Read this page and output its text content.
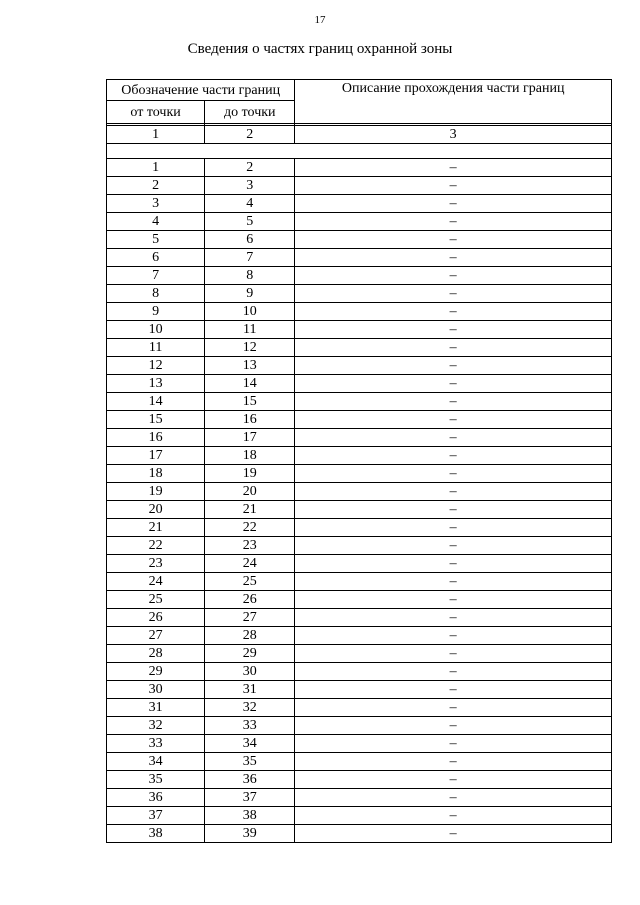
17
Сведения о частях границ охранной зоны
Обозначение части границ		Описание прохождения части границ
от точки	до точки	

1	2	3

1	2	–
2	3	–
3	4	–
4	5	–
5	6	–
6	7	–
7	8	–
8	9	–
9	10	–
10	11	–
11	12	–
12	13	–
13	14	–
14	15	–
15	16	–
16	17	–
17	18	–
18	19	–
19	20	–
20	21	–
21	22	–
22	23	–
23	24	–
24	25	–
25	26	–
26	27	–
27	28	–
28	29	–
29	30	–
30	31	–
31	32	–
32	33	–
33	34	–
34	35	–
35	36	–
36	37	–
37	38	–
38	39	–
